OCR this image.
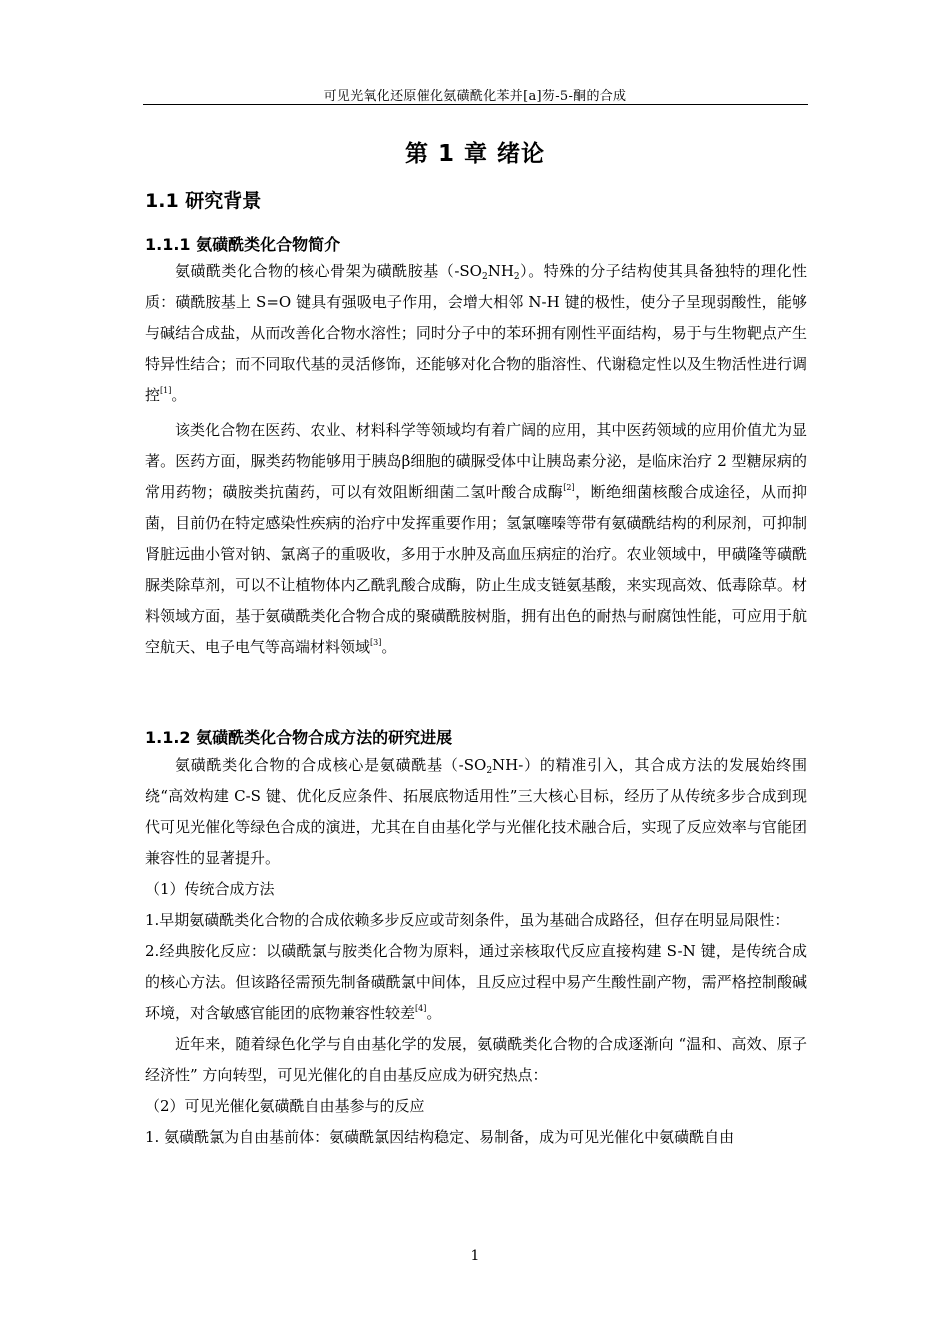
可见光氧化还原催化氨磺酰化苯并[a]芴-5-酮的合成
第 1 章 绪论
1.1 研究背景
1.1.1 氨磺酰类化合物简介

氨磺酰类化合物的核心骨架为磺酰胺基$(-SO_2NH_2)$。特殊的分子结构使其具备独特的理化性质：磺酰胺基上 S=O 键具有强吸电子作用，会增大相邻 N-H 键的极性，使分子呈现弱酸性，能够与碱结合成盐，从而改善化合物水溶性；同时分子中的苯环拥有刚性平面结构，易于与生物靶点产生特异性结合；而不同取代基的灵活修饰，还能够对化合物的脂溶性、代谢稳定性以及生物活性进行调控[1]。

该类化合物在医药、农业、材料科学等领域均有着广阔的应用，其中医药领域的应用价值尤为显著。医药方面，脲类药物能够用于胰岛β细胞的磺脲受体中让胰岛素分泌，是临床治疗 2 型糖尿病的常用药物；磺胺类抗菌药，可以有效阻断细菌二氢叶酸合成酶[2]，断绝细菌核酸合成途径，从而抑菌，目前仍在特定感染性疾病的治疗中发挥重要作用；氢氯噻嗪等带有氨磺酰结构的利尿剂，可抑制肾脏远曲小管对钠、氯离子的重吸收，多用于水肿及高血压病症的治疗。农业领域中，甲磺隆等磺酰脲类除草剂，可以不让植物体内乙酰乳酸合成酶，防止生成支链氨基酸，来实现高效、低毒除草。材料领域方面，基于氨磺酰类化合物合成的聚磺酰胺树脂，拥有出色的耐热与耐腐蚀性能，可应用于航空航天、电子电气等高端材料领域[3]。

1.1.2 氨磺酰类化合物合成方法的研究进展

氨磺酰类化合物的合成核心是氨磺酰基$(-SO_2NH-)$的精准引入，其合成方法的发展始终围绕“高效构建 C-S 键、优化反应条件、拓展底物适用性”三大核心目标，经历了从传统多步合成到现代可见光催化等绿色合成的演进，尤其在自由基化学与光催化技术融合后，实现了反应效率与官能团兼容性的显著提升。

（1）传统合成方法

1.早期氨磺酰类化合物的合成依赖多步反应或苛刻条件，虽为基础合成路径，但存在明显局限性：

2.经典胺化反应：以磺酰氯与胺类化合物为原料，通过亲核取代反应直接构建 S-N 键，是传统合成的核心方法。但该路径需预先制备磺酰氯中间体，且反应过程中易产生酸性副产物，需严格控制酸碱环境，对含敏感官能团的底物兼容性较差[4]。

近年来，随着绿色化学与自由基化学的发展，氨磺酰类化合物的合成逐渐向 “温和、高效、原子经济性” 方向转型，可见光催化的自由基反应成为研究热点：

（2）可见光催化氨磺酰自由基参与的反应

1. 氨磺酰氯为自由基前体：氨磺酰氯因结构稳定、易制备，成为可见光催化中氨磺酰自由

1
